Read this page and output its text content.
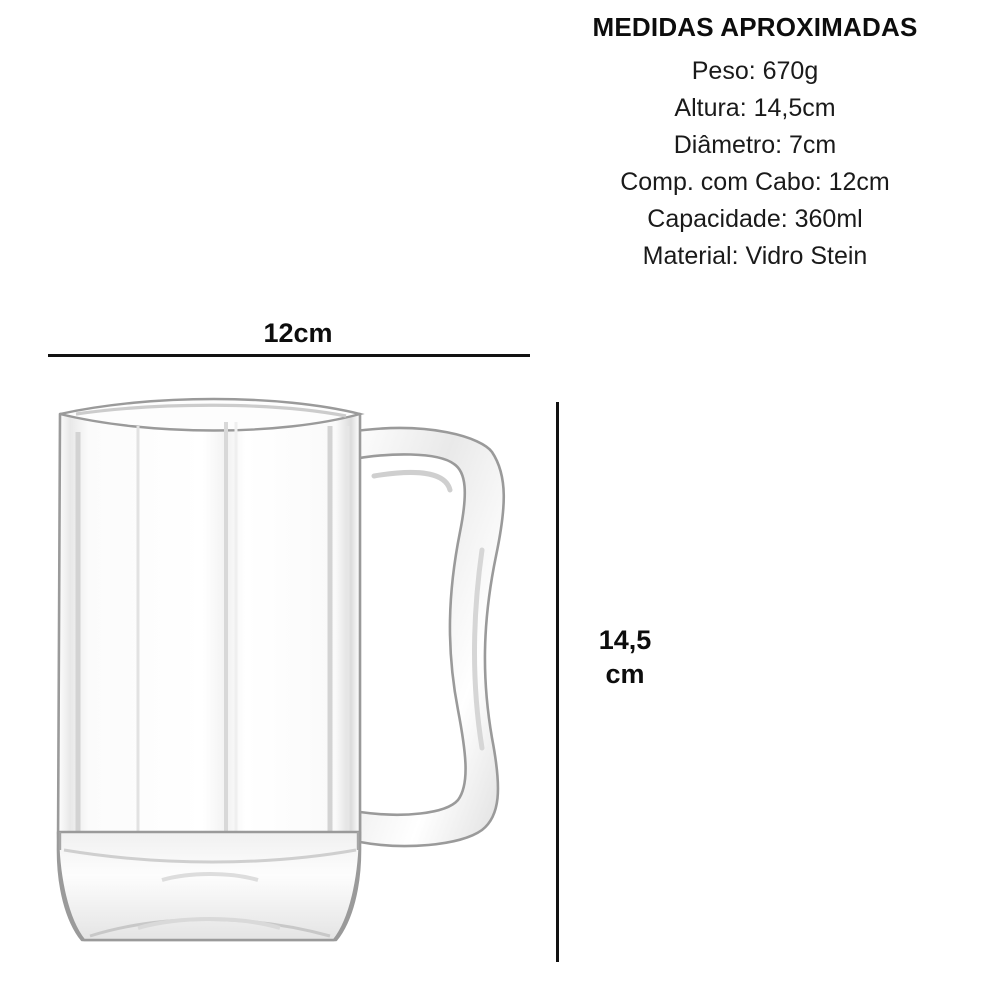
MEDIDAS APROXIMADAS
Peso: 670g
Altura: 14,5cm
Diâmetro: 7cm
Comp. com Cabo: 12cm
Capacidade: 360ml
Material: Vidro Stein
12cm
14,5
cm
